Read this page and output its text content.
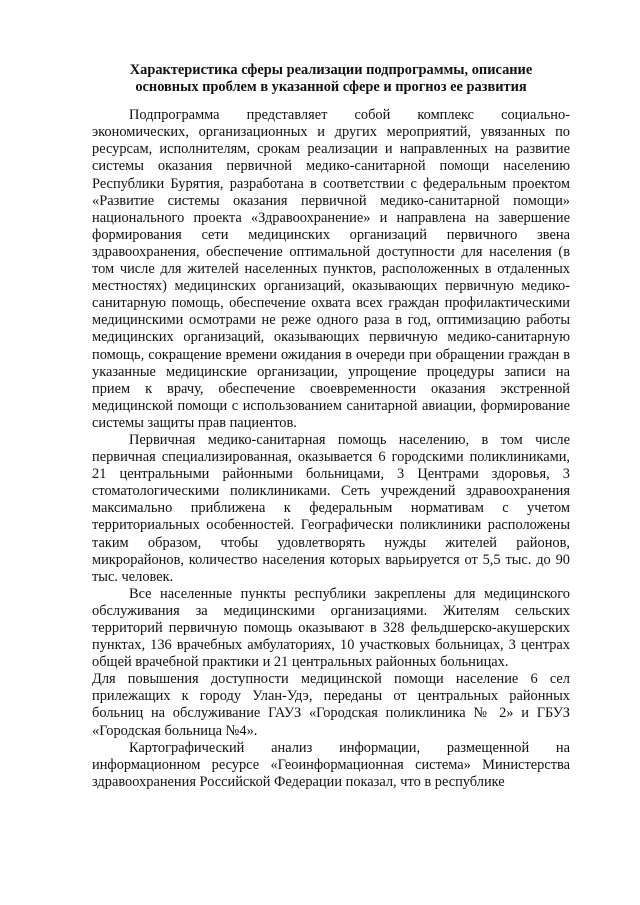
Характеристика сферы реализации подпрограммы, описание
основных проблем в указанной сфере и прогноз ее развития

Подпрограмма представляет собой комплекс социально-экономических, организационных и других мероприятий, увязанных по ресурсам, исполнителям, срокам реализации и направленных на развитие системы оказания первичной медико-санитарной помощи населению Республики Бурятия, разработана в соответствии с федеральным проектом «Развитие системы оказания первичной медико-санитарной помощи» национального проекта «Здравоохранение» и направлена на завершение формирования сети медицинских организаций первичного звена здравоохранения, обеспечение оптимальной доступности для населения (в том числе для жителей населенных пунктов, расположенных в отдаленных местностях) медицинских организаций, оказывающих первичную медико-санитарную помощь, обеспечение охвата всех граждан профилактическими медицинскими осмотрами не реже одного раза в год, оптимизацию работы медицинских организаций, оказывающих первичную медико-санитарную помощь, сокращение времени ожидания в очереди при обращении граждан в указанные медицинские организации, упрощение процедуры записи на прием к врачу, обеспечение своевременности оказания экстренной медицинской помощи с использованием санитарной авиации, формирование системы защиты прав пациентов.

Первичная медико-санитарная помощь населению, в том числе первичная специализированная, оказывается 6 городскими поликлиниками, 21 центральными районными больницами, 3 Центрами здоровья, 3 стоматологическими поликлиниками. Сеть учреждений здравоохранения максимально приближена к федеральным нормативам с учетом территориальных особенностей. Географически поликлиники расположены таким образом, чтобы удовлетворять нужды жителей районов, микрорайонов, количество населения которых варьируется от 5,5 тыс. до 90 тыс. человек.

Все населенные пункты республики закреплены для медицинского обслуживания за медицинскими организациями. Жителям сельских территорий первичную помощь оказывают в 328 фельдшерско-акушерских пунктах, 136 врачебных амбулаториях, 10 участковых больницах, 3 центрах общей врачебной практики и 21 центральных районных больницах.

Для повышения доступности медицинской помощи население 6 сел прилежащих к городу Улан-Удэ, переданы от центральных районных больниц на обслуживание ГАУЗ «Городская поликлиника № 2» и ГБУЗ «Городская больница №4».

Картографический анализ информации, размещенной на информационном ресурсе «Геоинформационная система» Министерства здравоохранения Российской Федерации показал, что в республике
